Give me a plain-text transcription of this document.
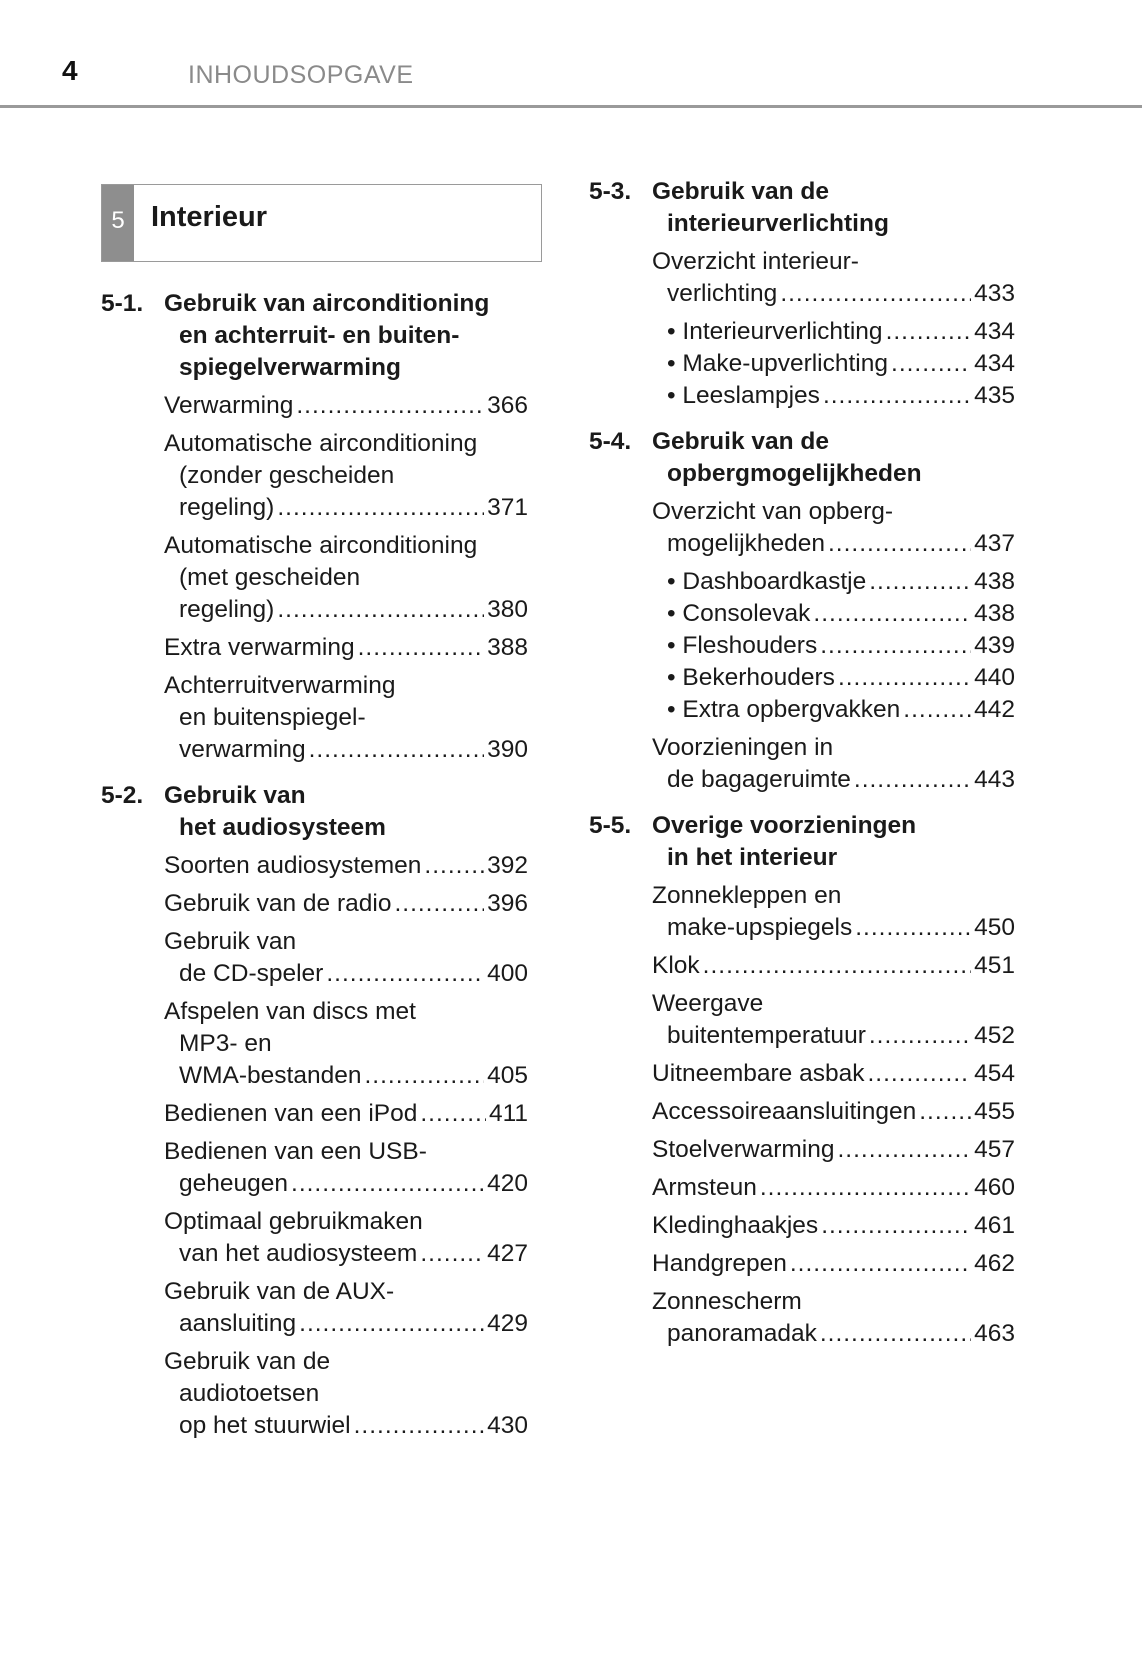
4	INHOUDSOPGAVE
5 Interieur
5-1. Gebruik van airconditioning
en achterruit- en buiten-
spiegelverwarming
Verwarming .....	366
Automatische airconditioning
(zonder gescheiden
regeling) .....	371
Automatische airconditioning
(met gescheiden
regeling) .....	380
Extra verwarming .....	388
Achterruitverwarming
en buitenspiegel-
verwarming .....	390
5-2. Gebruik van
het audiosysteem
Soorten audiosystemen .....	392
Gebruik van de radio .....	396
Gebruik van
de CD-speler .....	400
Afspelen van discs met
MP3- en
WMA-bestanden .....	405
Bedienen van een iPod .....	411
Bedienen van een USB-
geheugen .....	420
Optimaal gebruikmaken
van het audiosysteem .....	427
Gebruik van de AUX-
aansluiting .....	429
Gebruik van de
audiotoetsen
op het stuurwiel .....	430
5-3. Gebruik van de
interieurverlichting
Overzicht interieur-
verlichting .....	433
• Interieurverlichting .....	434
• Make-upverlichting .....	434
• Leeslampjes .....	435
5-4. Gebruik van de
opbergmogelijkheden
Overzicht van opberg-
mogelijkheden .....	437
• Dashboardkastje .....	438
• Consolevak .....	438
• Fleshouders .....	439
• Bekerhouders .....	440
• Extra opbergvakken .....	442
Voorzieningen in
de bagageruimte .....	443
5-5. Overige voorzieningen
in het interieur
Zonnekleppen en
make-upspiegels .....	450
Klok .....	451
Weergave
buitentemperatuur .....	452
Uitneembare asbak .....	454
Accessoireaansluitingen ..... 455
Stoelverwarming .....	457
Armsteun .....	460
Kledinghaakjes .....	461
Handgrepen .....	462
Zonnescherm
panoramadak .....	463
